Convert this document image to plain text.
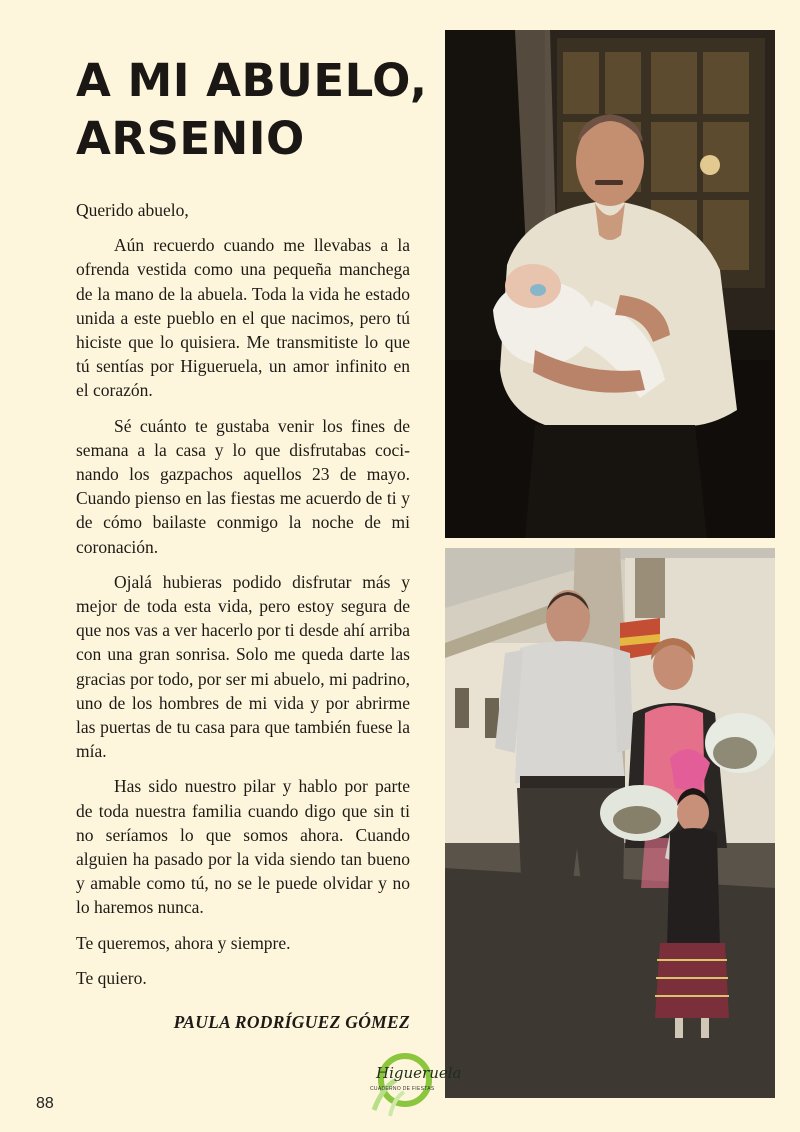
A MI ABUELO,
ARSENIO

Querido abuelo,

Aún recuerdo cuando me llevabas a la ofrenda vestida como una pequeña manchega de la mano de la abuela. Toda la vida he estado unida a este pueblo en el que nacimos, pero tú hiciste que lo quisiera. Me transmitiste lo que tú sentías por Higueruela, un amor infinito en el corazón.

Sé cuánto te gustaba venir los fines de semana a la casa y lo que disfrutabas cocinando los gazpachos aquellos 23 de mayo. Cuando pienso en las fiestas me acuerdo de ti y de cómo bailaste conmigo la noche de mi coronación.

Ojalá hubieras podido disfrutar más y mejor de toda esta vida, pero estoy segura de que nos vas a ver hacerlo por ti desde ahí arriba con una gran sonrisa. Solo me queda darte las gracias por todo, por ser mi abuelo, mi padrino, uno de los hombres de mi vida y por abrirme las puertas de tu casa para que también fuese la mía.

Has sido nuestro pilar y hablo por parte de toda nuestra familia cuando digo que sin ti no seríamos lo que somos ahora. Cuando alguien ha pasado por la vida siendo tan bueno y amable como tú, no se le puede olvidar y no lo haremos nunca.

Te queremos, ahora y siempre.

Te quiero.

PAULA RODRÍGUEZ GÓMEZ
88
Higueruela
CUADERNO DE FIESTAS
